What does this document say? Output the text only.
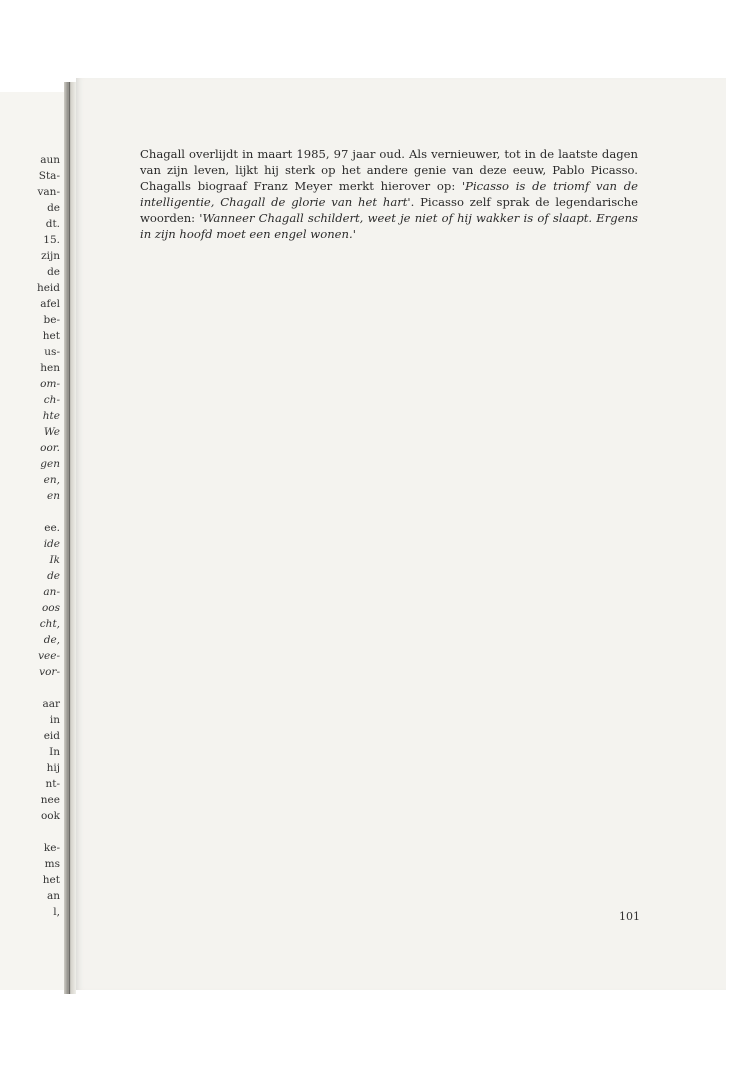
aun
Sta-
van-
de
dt.
15.
zijn
de
heid
afel
be-
het
us-
hen
om-
ch-
hte
We
oor.
gen
en,
en
ee.
ide
Ik
de
an-
oos
cht,
de,
vee-
vor-
aar
in
eid
In
hij
nt-
nee
ook
ke-
ms
het
an
l,

Chagall overlijdt in maart 1985, 97 jaar oud. Als vernieuwer, tot in de laatste dagen van zijn leven, lijkt hij sterk op het andere genie van deze eeuw, Pablo Picasso. Chagalls biograaf Franz Meyer merkt hierover op: 'Picasso is de triomf van de intelligentie, Chagall de glorie van het hart'. Picasso zelf sprak de legendarische woorden: 'Wanneer Chagall schildert, weet je niet of hij wakker is of slaapt. Ergens in zijn hoofd moet een engel wonen.'

101
